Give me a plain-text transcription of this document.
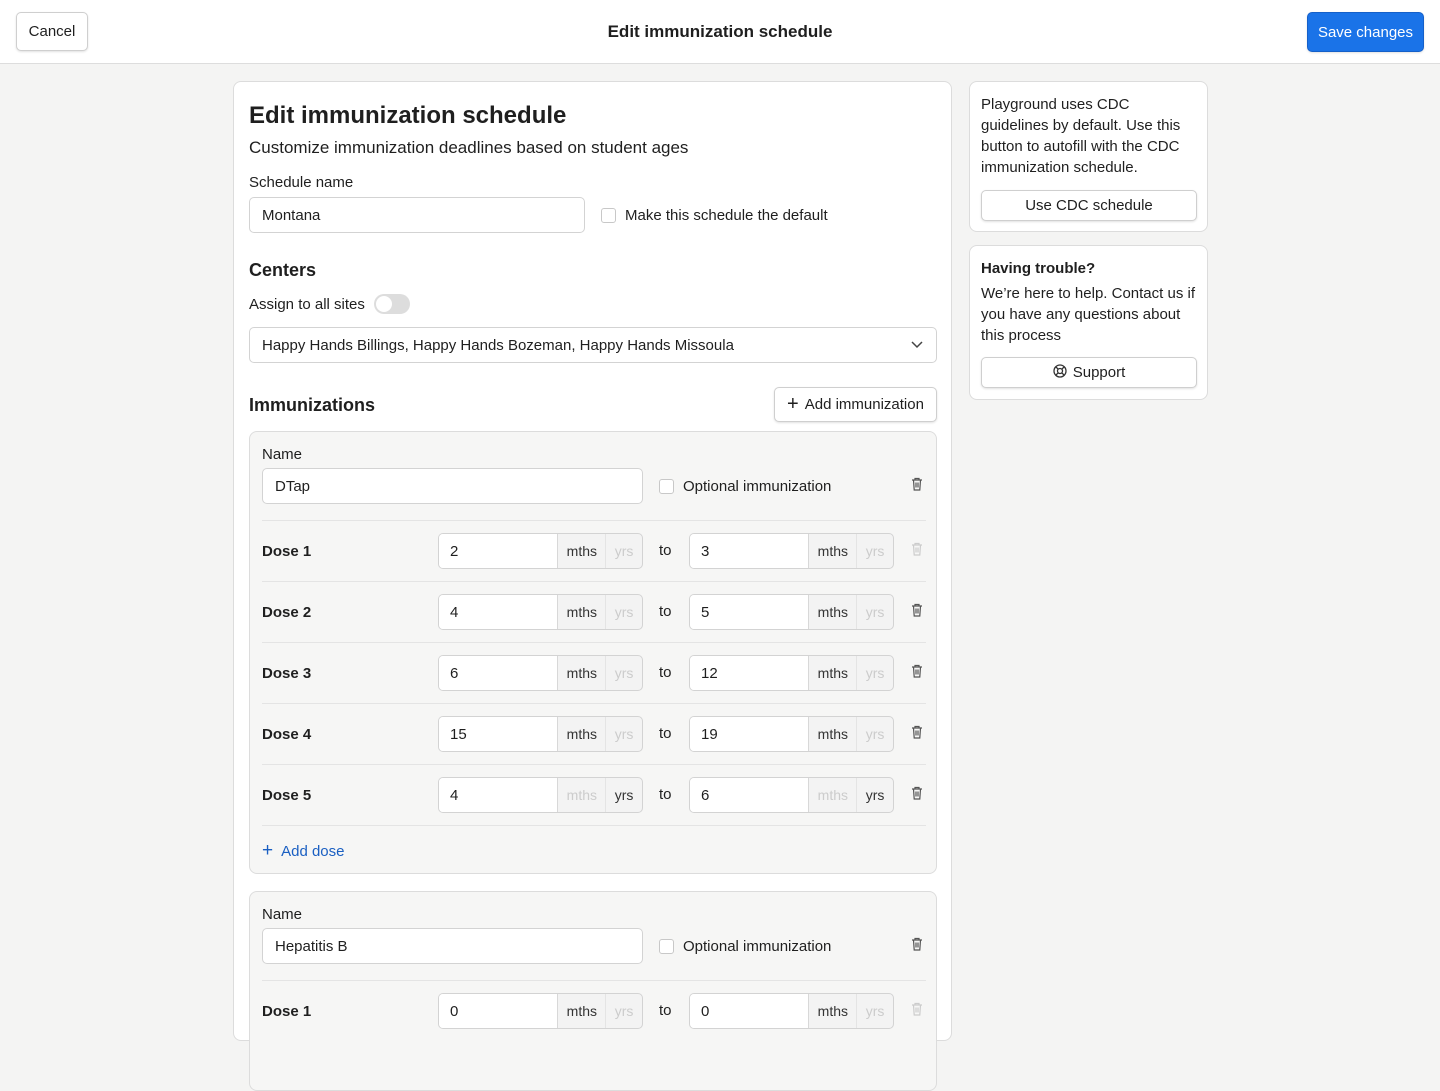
Cancel	Edit immunization schedule	Save changes
Edit immunization schedule
Customize immunization deadlines based on student ages
Schedule name
Montana	Make this schedule the default
Centers
Assign to all sites
Happy Hands Billings, Happy Hands Bozeman, Happy Hands Missoula
Immunizations	+ Add immunization
Name
DTap	Optional immunization
Dose 1	2	mths	yrs	to	3	mths	yrs
Dose 2	4	mths	yrs	to	5	mths	yrs
Dose 3	6	mths	yrs	to	12	mths	yrs
Dose 4	15	mths	yrs	to	19	mths	yrs
Dose 5	4	mths	yrs	to	6	mths	yrs
+ Add dose
Name
Hepatitis B	Optional immunization
Dose 1	0	mths	yrs	to	0	mths	yrs
Playground uses CDC guidelines by default. Use this button to autofill with the CDC immunization schedule.
Use CDC schedule
Having trouble?
We’re here to help. Contact us if you have any questions about this process
Support
